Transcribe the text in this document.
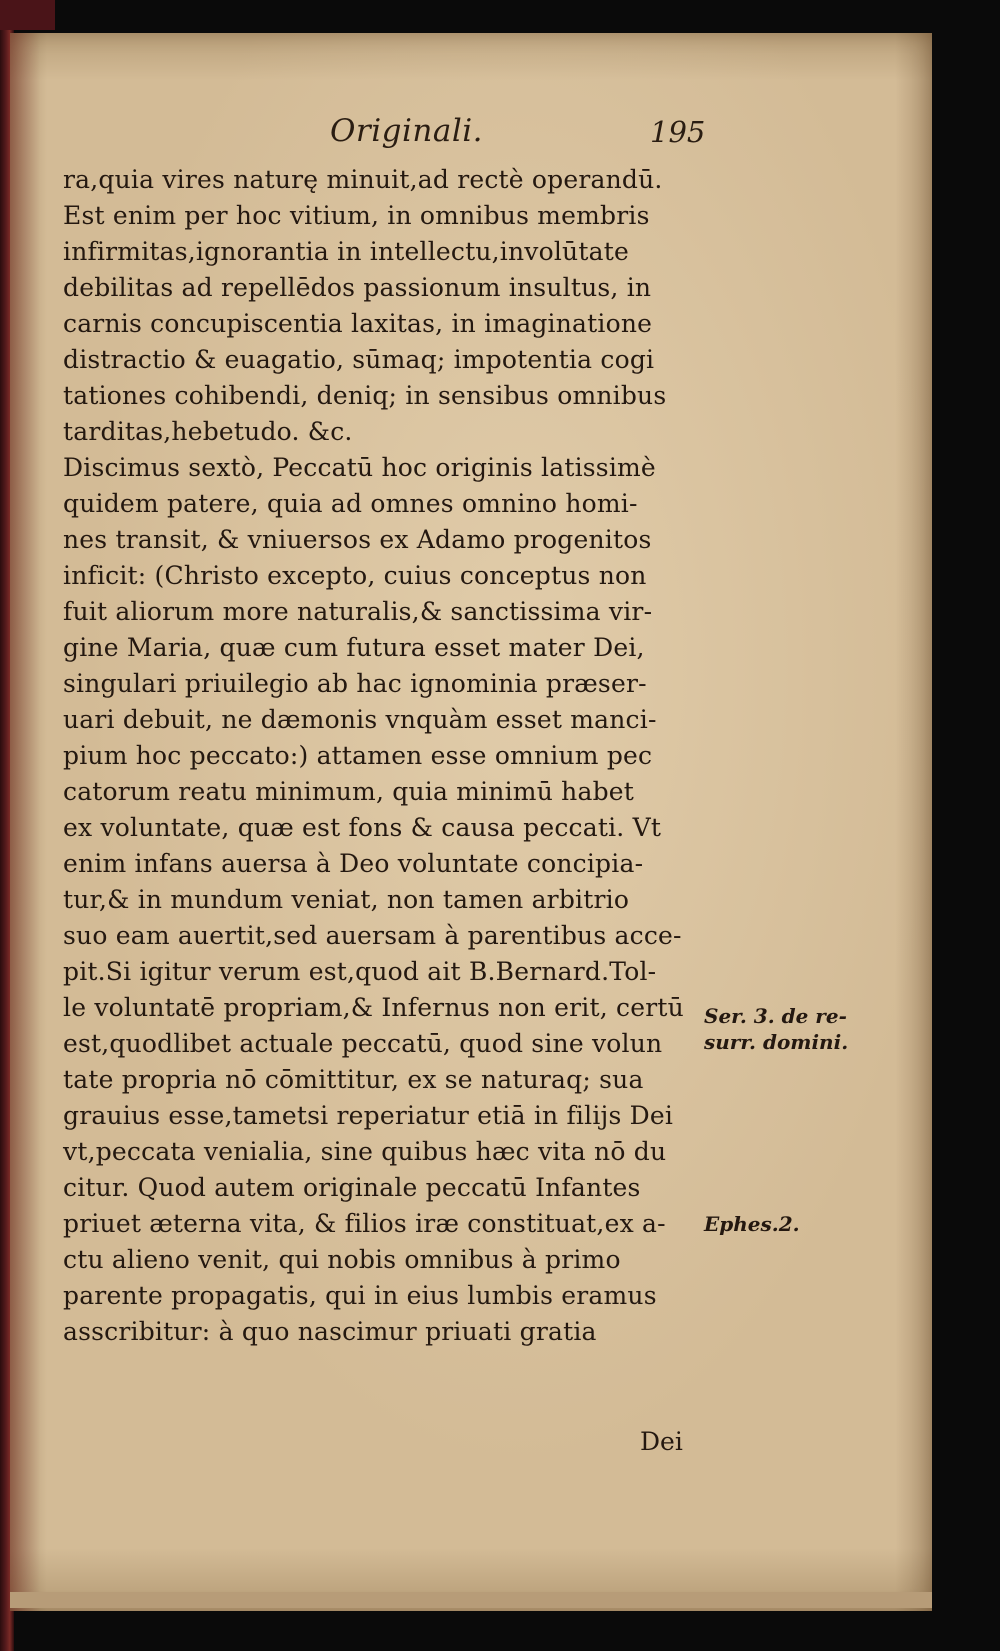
Originali.	195
ra,quia vires naturę minuit,ad rectè operandū.
Est enim per hoc vitium, in omnibus membris
infirmitas,ignorantia in intellectu,involūtate
debilitas ad repellēdos passionum insultus, in
carnis concupiscentia laxitas, in imaginatione
distractio & euagatio, sūmaq; impotentia cogi
tationes cohibendi, deniq; in sensibus omnibus
tarditas,hebetudo. &c.
Discimus sextò, Peccatū hoc originis latissimè
quidem patere, quia ad omnes omnino homi-
nes transit, & vniuersos ex Adamo progenitos
inficit: (Christo excepto, cuius conceptus non
fuit aliorum more naturalis,& sanctissima vir-
gine Maria, quæ cum futura esset mater Dei,
singulari priuilegio ab hac ignominia præser-
uari debuit, ne dæmonis vnquàm esset manci-
pium hoc peccato:) attamen esse omnium pec
catorum reatu minimum, quia minimū habet
ex voluntate, quæ est fons & causa peccati. Vt
enim infans auersa à Deo voluntate concipia-
tur,& in mundum veniat, non tamen arbitrio
suo eam auertit,sed auersam à parentibus acce-
pit.Si igitur verum est,quod ait B.Bernard.Tol-
le voluntatē propriam,& Infernus non erit, certū
est,quodlibet actuale peccatū, quod sine volun
tate propria nō cōmittitur, ex se naturaq; sua
grauius esse,tametsi reperiatur etiā in filijs Dei
vt,peccata venialia, sine quibus hæc vita nō du
citur. Quod autem originale peccatū Infantes
priuet æterna vita, & filios iræ constituat,ex a-
ctu alieno venit, qui nobis omnibus à primo
parente propagatis, qui in eius lumbis eramus
asscribitur: à quo nascimur priuati gratia
Ser. 3. de re-
surr. domini.
Ephes.2.
Dei
